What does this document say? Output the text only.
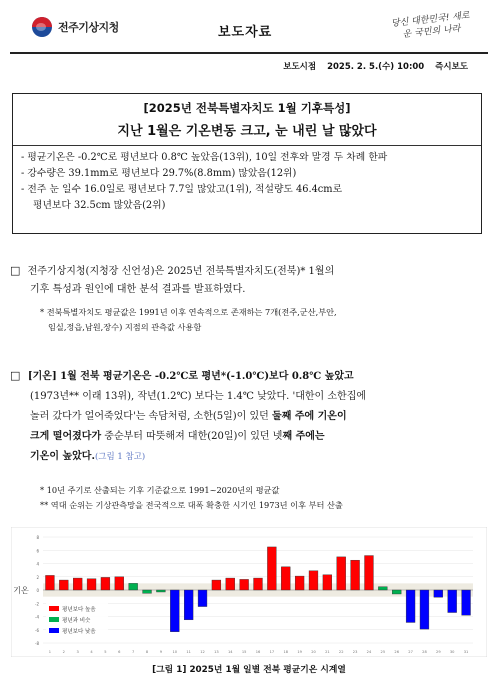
전주기상지청	보도자료
당신 대한민국! 새로운 국민의 나라
보도시점 2025. 2. 5.(수) 10:00 즉시보도
[2025년 전북특별자치도 1월 기후특성]
지난 1월은 기온변동 크고, 눈 내린 날 많았다
- 평균기온은 -0.2℃로 평년보다 0.8℃ 높았음(13위), 10일 전후와 말경 두 차례 한파
- 강수량은 39.1mm로 평년보다 29.7%(8.8mm) 많았음(12위)
- 전주 눈 일수 16.0일로 평년보다 7.7일 많았고(1위), 적설량도 46.4cm로
평년보다 32.5cm 많았음(2위)
□ 전주기상지청(지청장 신언성)은 2025년 전북특별자치도(전북)* 1월의
기후 특성과 원인에 대한 분석 결과를 발표하였다.
* 전북특별자치도 평균값은 1991년 이후 연속적으로 존재하는 7개(전주,군산,부안,
임실,정읍,남원,장수) 지점의 관측값 사용함
□ [기온] 1월 전북 평균기온은 -0.2℃로 평년*(-1.0℃)보다 0.8℃ 높았고
(1973년** 이래 13위), 작년(1.2℃) 보다는 1.4℃ 낮았다. '대한이 소한집에
놀러 갔다가 얼어죽었다'는 속담처럼, 소한(5일)이 있던 둘째 주에 기온이
크게 떨어졌다가 중순부터 따뜻해져 대한(20일)이 있던 넷째 주에는
기온이 높았다.(그림 1 참고)
* 10년 주기로 산출되는 기후 기준값으로 1991~2020년의 평균값
** 역대 순위는 기상관측망을 전국적으로 대폭 확충한 시기인 1973년 이후 부터 산출
-8
-6
-4
-2
0
2
4
6
8
기온
1	2	3	4	5	6	7	8	9	10	11	12	13	14	15	16	17	18	19	20	21	22	23	24	25	26	27	28	29	30	31
평년보다 높음
평년과 비슷
평년보다 낮음
[그림 1] 2025년 1월 일별 전북 평균기온 시계열
